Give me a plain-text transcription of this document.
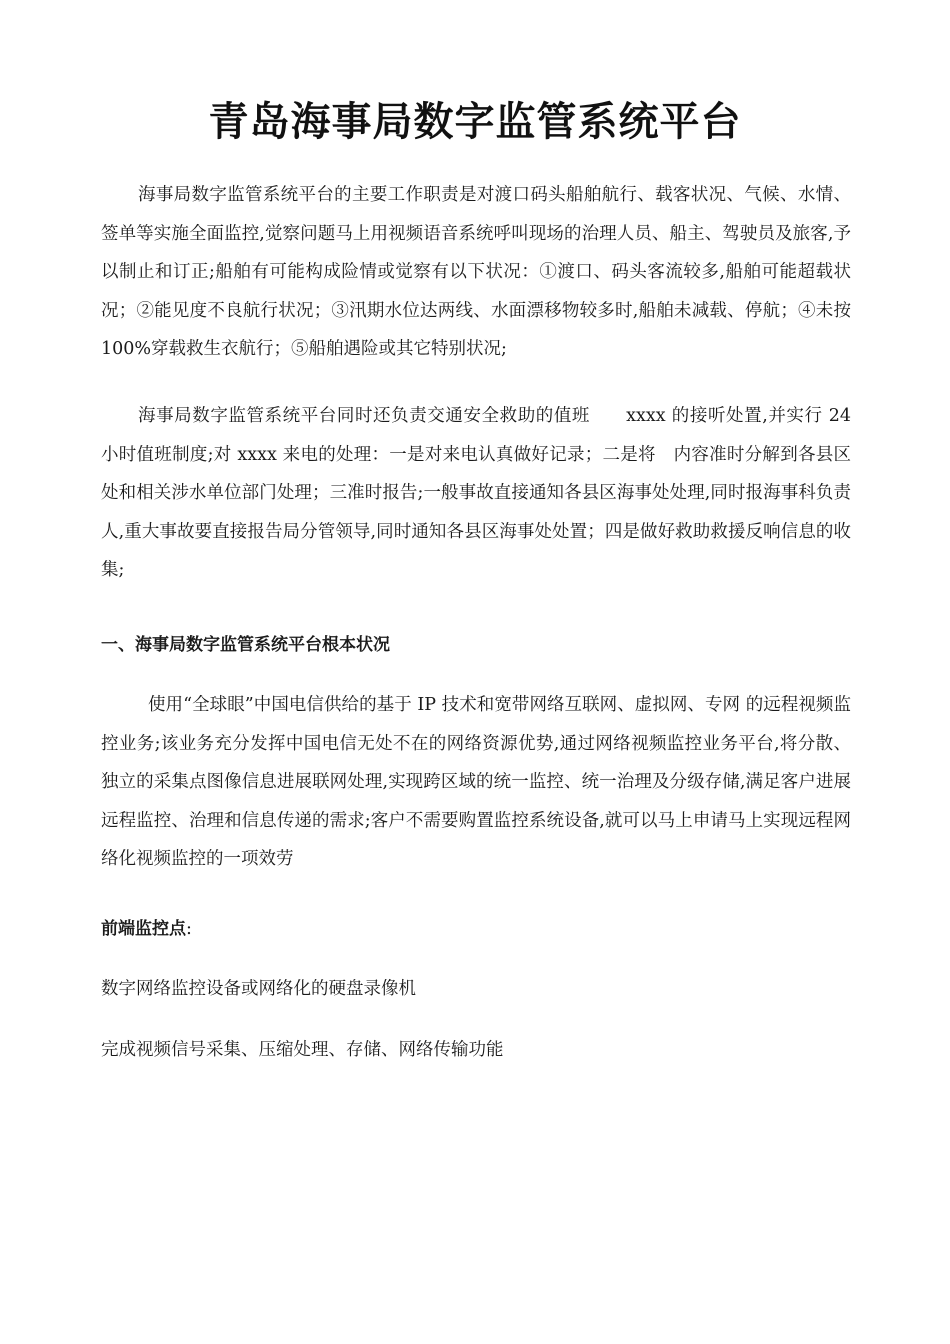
青岛海事局数字监管系统平台

海事局数字监管系统平台的主要工作职责是对渡口码头船舶航行、载客状况、气候、水情、签单等实施全面监控,觉察问题马上用视频语音系统呼叫现场的治理人员、船主、驾驶员及旅客,予以制止和订正;船舶有可能构成险情或觉察有以下状况：①渡口、码头客流较多,船舶可能超载状况；②能见度不良航行状况；③汛期水位达两线、水面漂移物较多时,船舶未减载、停航；④未按 100%穿载救生衣航行；⑤船舶遇险或其它特别状况;

海事局数字监管系统平台同时还负责交通安全救助的值班　　xxxx 的接听处置,并实行 24 小时值班制度;对 xxxx 来电的处理：一是对来电认真做好记录；二是将　内容准时分解到各县区处和相关涉水单位部门处理；三准时报告;一般事故直接通知各县区海事处处理,同时报海事科负责人,重大事故要直接报告局分管领导,同时通知各县区海事处处置；四是做好救助救援反响信息的收集;

一、海事局数字监管系统平台根本状况

使用“全球眼”中国电信供给的基于 IP 技术和宽带网络互联网、虚拟网、专网 的远程视频监控业务;该业务充分发挥中国电信无处不在的网络资源优势,通过网络视频监控业务平台,将分散、独立的采集点图像信息进展联网处理,实现跨区域的统一监控、统一治理及分级存储,满足客户进展远程监控、治理和信息传递的需求;客户不需要购置监控系统设备,就可以马上申请马上实现远程网络化视频监控的一项效劳

前端监控点:
数字网络监控设备或网络化的硬盘录像机
完成视频信号采集、压缩处理、存储、网络传输功能
